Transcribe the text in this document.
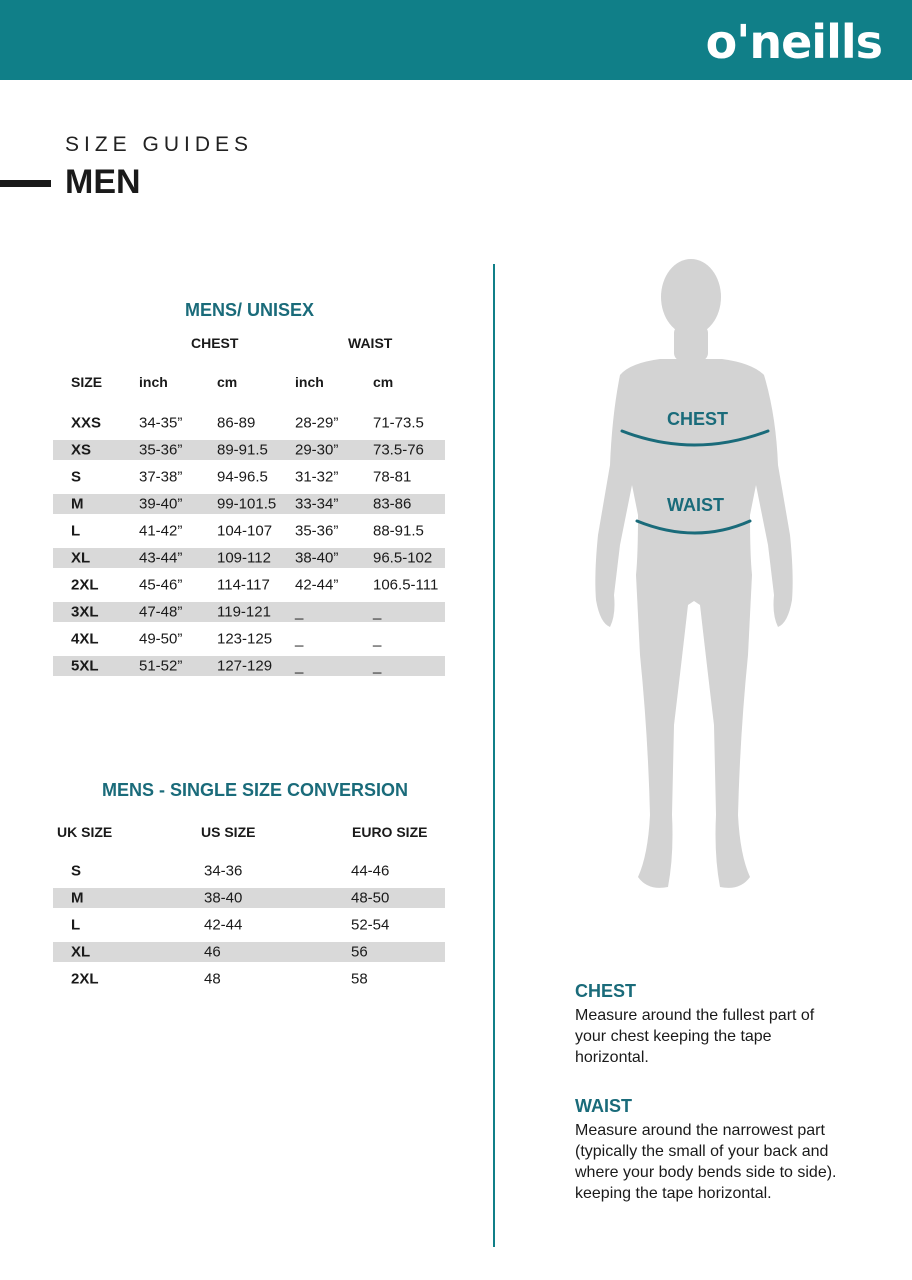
o'neills
SIZE GUIDES
MEN
MENS/ UNISEX
CHEST	WAIST
SIZE	inch	cm	inch	cm
XXS	34-35” 86-89	28-29” 71-73.5
XS	35-36” 89-91.5 29-30” 73.5-76
S	37-38” 94-96.5 31-32” 78-81
M	39-40” 99-101.5 33-34” 83-86
L	41-42” 104-107 35-36” 88-91.5
XL	43-44” 109-112 38-40” 96.5-102
2XL	45-46” 114-117 42-44” 106.5-111
3XL	47-48” 119-121 _	_
4XL	49-50” 123-125 _	_
5XL	51-52” 127-129 _	_
MENS - SINGLE SIZE CONVERSION
UK SIZE	US SIZE	EURO SIZE
S	34-36	44-46
M	38-40	48-50
L	42-44	52-54
XL	46	56
2XL	48	58
CHEST
WAIST
CHEST
Measure around the fullest part of
your chest keeping the tape
horizontal.
WAIST
Measure around the narrowest part
(typically the small of your back and
where your body bends side to side).
keeping the tape horizontal.
